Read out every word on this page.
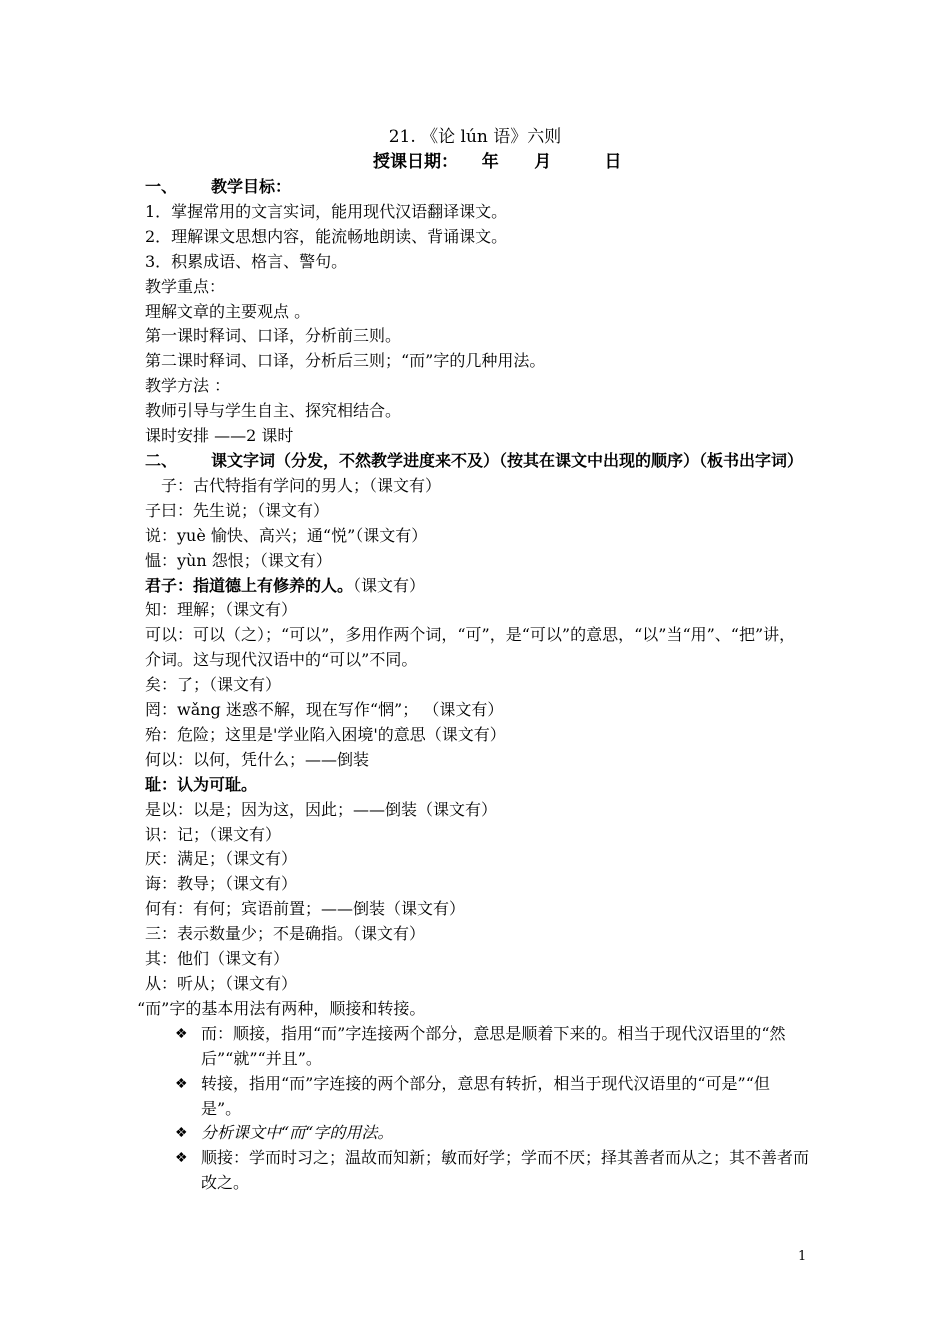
21. 《论 lún 语》六则
授课日期： 年 月	日
一、 教学目标：
1．掌握常用的文言实词，能用现代汉语翻译课文。
2．理解课文思想内容，能流畅地朗读、背诵课文。
3．积累成语、格言、警句。
教学重点：
理解文章的主要观点 。
第一课时释词、口译，分析前三则。
第二课时释词、口译，分析后三则；“而”字的几种用法。
教学方法 ：
教师引导与学生自主、探究相结合。
课时安排 ——2 课时
二、 课文字词（分发，不然教学进度来不及）（按其在课文中出现的顺序）（板书出字词）
子：古代特指有学问的男人；（课文有）
子曰：先生说；（课文有）
说：yuè 愉快、高兴；通“悦”（课文有）
愠：yùn 怨恨；（课文有）
君子：指道德上有修养的人。（课文有）
知：理解；（课文有）
可以：可以（之）；“可以”，多用作两个词，“可”，是“可以”的意思，“以”当“用”、“把”讲，介词。这与现代汉语中的“可以”不同。
矣：了；（课文有）
罔：wǎng 迷惑不解，现在写作“惘”； （课文有）
殆：危险；这里是'学业陷入困境'的意思（课文有）
何以：以何，凭什么；——倒装
耻：认为可耻。
是以：以是；因为这，因此；——倒装（课文有）
识：记；（课文有）
厌：满足；（课文有）
诲：教导；（课文有）
何有：有何；宾语前置；——倒装（课文有）
三：表示数量少；不是确指。（课文有）
其：他们（课文有）
从：听从；（课文有）
“而”字的基本用法有两种，顺接和转接。
❖ 而：顺接，指用“而”字连接两个部分，意思是顺着下来的。相当于现代汉语里的“然后”“就”“并且”。
❖ 转接，指用“而”字连接的两个部分，意思有转折，相当于现代汉语里的“可是”“但是”。
❖ 分析课文中“而“字的用法。
❖ 顺接：学而时习之；温故而知新；敏而好学；学而不厌；择其善者而从之；其不善者而改之。
1
